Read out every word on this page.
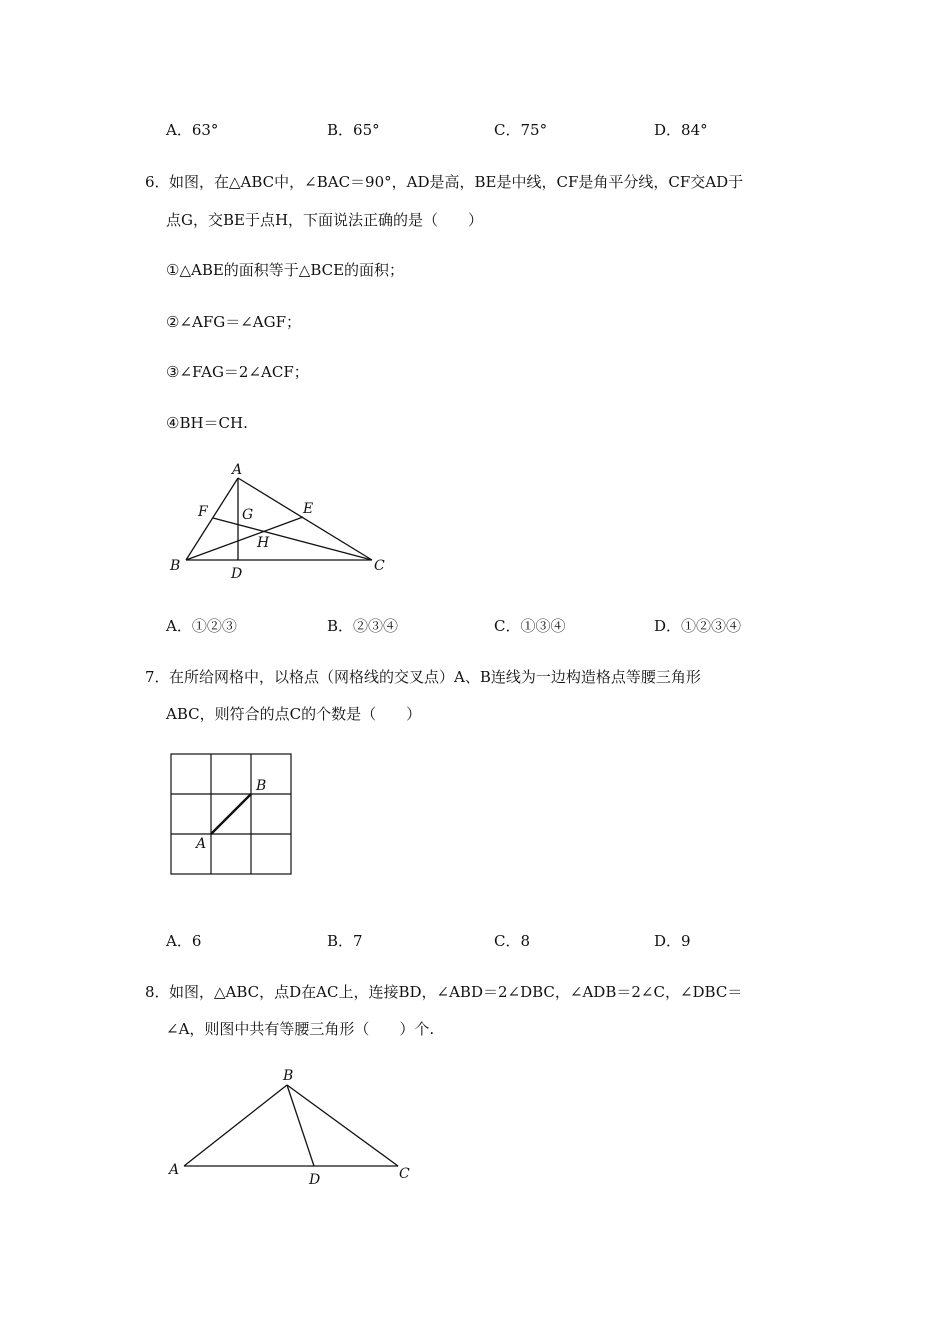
A．63°	B．65°	C．75°	D．84°
6． 如图，在△ABC中，∠BAC＝90°，AD是高，BE是中线，CF是角平分线，CF交AD于
点G，交BE于点H，下面说法正确的是（　　）
①△ABE的面积等于△BCE的面积；
②∠AFG＝∠AGF；
③∠FAG＝2∠ACF；
④BH＝CH.
A
B	C
D
E
F G
H
A．①②③	B．②③④	C．①③④	D．①②③④
7． 在所给网格中，以格点（网格线的交叉点）A、B连线为一边构造格点等腰三角形
ABC，则符合的点C的个数是（　　）
A
B
A．6	B．7	C．8	D．9
8． 如图，△ABC，点D在AC上，连接BD，∠ABD＝2∠DBC，∠ADB＝2∠C，∠DBC＝
∠A，则图中共有等腰三角形（　　）个.
A
B
C
D
